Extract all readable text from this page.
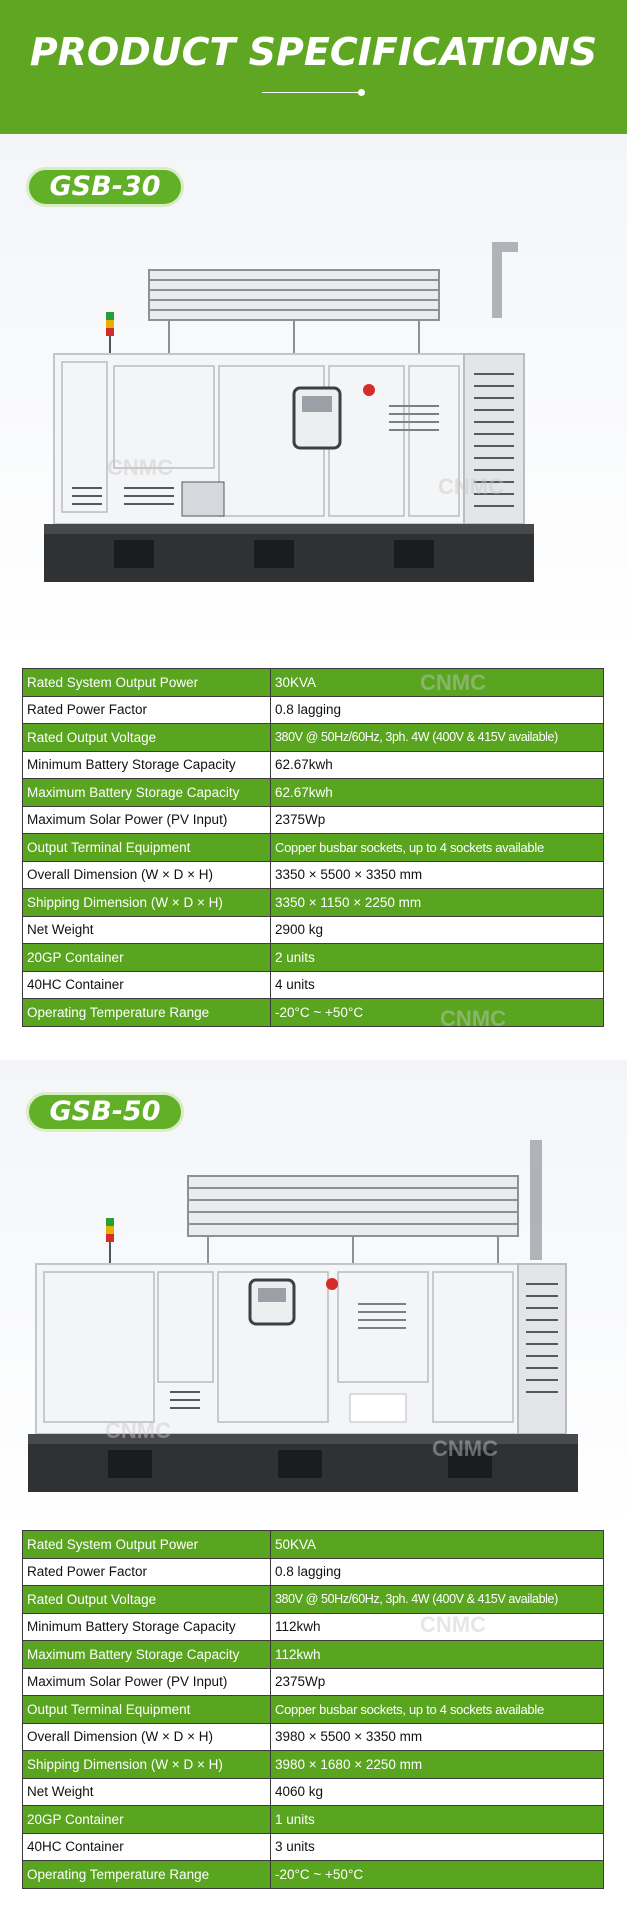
PRODUCT SPECIFICATIONS
GSB-30
CNMC
CNMC
Rated System Output Power	30KVA
Rated Power Factor	0.8 lagging
Rated Output Voltage	380V @ 50Hz/60Hz, 3ph. 4W (400V & 415V available)
Minimum Battery Storage Capacity	62.67kwh
Maximum Battery Storage Capacity	62.67kwh
Maximum Solar Power (PV Input)	2375Wp
Output Terminal Equipment	Copper busbar sockets, up to 4 sockets available
Overall Dimension (W × D × H)	3350 × 5500 × 3350 mm
Shipping Dimension (W × D × H)	3350 × 1150 × 2250 mm
Net Weight	2900 kg
20GP Container	2 units
40HC Container	4 units
Operating Temperature Range	-20°C ~ +50°C
CNMC
CNMC
GSB-50
CNMC
CNMC
Rated System Output Power	50KVA
Rated Power Factor	0.8 lagging
Rated Output Voltage	380V @ 50Hz/60Hz, 3ph. 4W (400V & 415V available)
Minimum Battery Storage Capacity	112kwh
Maximum Battery Storage Capacity	112kwh
Maximum Solar Power (PV Input)	2375Wp
Output Terminal Equipment	Copper busbar sockets, up to 4 sockets available
Overall Dimension (W × D × H)	3980 × 5500 × 3350 mm
Shipping Dimension (W × D × H)	3980 × 1680 × 2250 mm
Net Weight	4060 kg
20GP Container	1 units
40HC Container	3 units
Operating Temperature Range	-20°C ~ +50°C
CNMC
